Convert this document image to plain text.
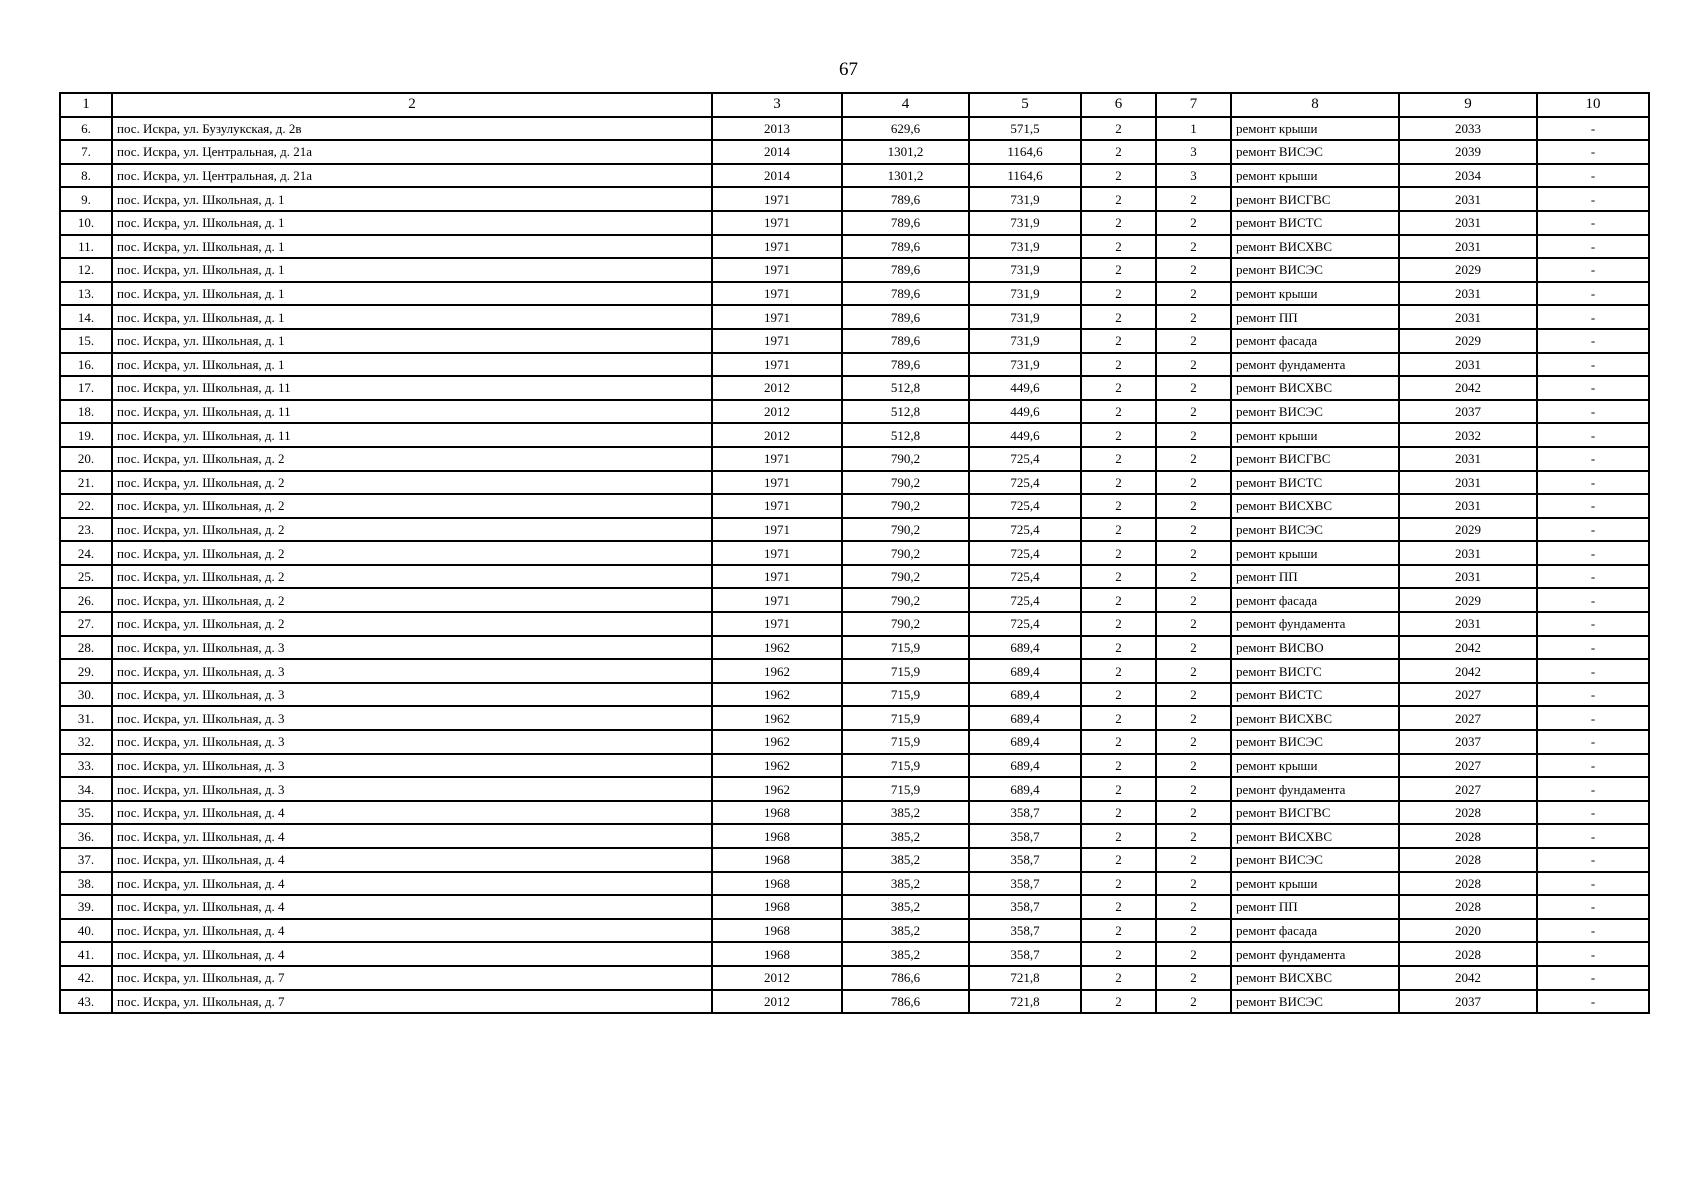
67
1	2	3	4	5	6	7	8	9	10
6.	пос. Искра, ул. Бузулукская, д. 2в	2013	629,6	571,5	2	1	ремонт крыши	2033	-
7.	пос. Искра, ул. Центральная, д. 21а	2014	1301,2	1164,6	2	3	ремонт ВИСЭС	2039	-
8.	пос. Искра, ул. Центральная, д. 21а	2014	1301,2	1164,6	2	3	ремонт крыши	2034	-
9.	пос. Искра, ул. Школьная, д. 1	1971	789,6	731,9	2	2	ремонт ВИСГВС	2031	-
10.	пос. Искра, ул. Школьная, д. 1	1971	789,6	731,9	2	2	ремонт ВИСТС	2031	-
11.	пос. Искра, ул. Школьная, д. 1	1971	789,6	731,9	2	2	ремонт ВИСХВС	2031	-
12.	пос. Искра, ул. Школьная, д. 1	1971	789,6	731,9	2	2	ремонт ВИСЭС	2029	-
13.	пос. Искра, ул. Школьная, д. 1	1971	789,6	731,9	2	2	ремонт крыши	2031	-
14.	пос. Искра, ул. Школьная, д. 1	1971	789,6	731,9	2	2	ремонт ПП	2031	-
15.	пос. Искра, ул. Школьная, д. 1	1971	789,6	731,9	2	2	ремонт фасада	2029	-
16.	пос. Искра, ул. Школьная, д. 1	1971	789,6	731,9	2	2	ремонт фундамента	2031	-
17.	пос. Искра, ул. Школьная, д. 11	2012	512,8	449,6	2	2	ремонт ВИСХВС	2042	-
18.	пос. Искра, ул. Школьная, д. 11	2012	512,8	449,6	2	2	ремонт ВИСЭС	2037	-
19.	пос. Искра, ул. Школьная, д. 11	2012	512,8	449,6	2	2	ремонт крыши	2032	-
20.	пос. Искра, ул. Школьная, д. 2	1971	790,2	725,4	2	2	ремонт ВИСГВС	2031	-
21.	пос. Искра, ул. Школьная, д. 2	1971	790,2	725,4	2	2	ремонт ВИСТС	2031	-
22.	пос. Искра, ул. Школьная, д. 2	1971	790,2	725,4	2	2	ремонт ВИСХВС	2031	-
23.	пос. Искра, ул. Школьная, д. 2	1971	790,2	725,4	2	2	ремонт ВИСЭС	2029	-
24.	пос. Искра, ул. Школьная, д. 2	1971	790,2	725,4	2	2	ремонт крыши	2031	-
25.	пос. Искра, ул. Школьная, д. 2	1971	790,2	725,4	2	2	ремонт ПП	2031	-
26.	пос. Искра, ул. Школьная, д. 2	1971	790,2	725,4	2	2	ремонт фасада	2029	-
27.	пос. Искра, ул. Школьная, д. 2	1971	790,2	725,4	2	2	ремонт фундамента	2031	-
28.	пос. Искра, ул. Школьная, д. 3	1962	715,9	689,4	2	2	ремонт ВИСВО	2042	-
29.	пос. Искра, ул. Школьная, д. 3	1962	715,9	689,4	2	2	ремонт ВИСГС	2042	-
30.	пос. Искра, ул. Школьная, д. 3	1962	715,9	689,4	2	2	ремонт ВИСТС	2027	-
31.	пос. Искра, ул. Школьная, д. 3	1962	715,9	689,4	2	2	ремонт ВИСХВС	2027	-
32.	пос. Искра, ул. Школьная, д. 3	1962	715,9	689,4	2	2	ремонт ВИСЭС	2037	-
33.	пос. Искра, ул. Школьная, д. 3	1962	715,9	689,4	2	2	ремонт крыши	2027	-
34.	пос. Искра, ул. Школьная, д. 3	1962	715,9	689,4	2	2	ремонт фундамента	2027	-
35.	пос. Искра, ул. Школьная, д. 4	1968	385,2	358,7	2	2	ремонт ВИСГВС	2028	-
36.	пос. Искра, ул. Школьная, д. 4	1968	385,2	358,7	2	2	ремонт ВИСХВС	2028	-
37.	пос. Искра, ул. Школьная, д. 4	1968	385,2	358,7	2	2	ремонт ВИСЭС	2028	-
38.	пос. Искра, ул. Школьная, д. 4	1968	385,2	358,7	2	2	ремонт крыши	2028	-
39.	пос. Искра, ул. Школьная, д. 4	1968	385,2	358,7	2	2	ремонт ПП	2028	-
40.	пос. Искра, ул. Школьная, д. 4	1968	385,2	358,7	2	2	ремонт фасада	2020	-
41.	пос. Искра, ул. Школьная, д. 4	1968	385,2	358,7	2	2	ремонт фундамента	2028	-
42.	пос. Искра, ул. Школьная, д. 7	2012	786,6	721,8	2	2	ремонт ВИСХВС	2042	-
43.	пос. Искра, ул. Школьная, д. 7	2012	786,6	721,8	2	2	ремонт ВИСЭС	2037	-
